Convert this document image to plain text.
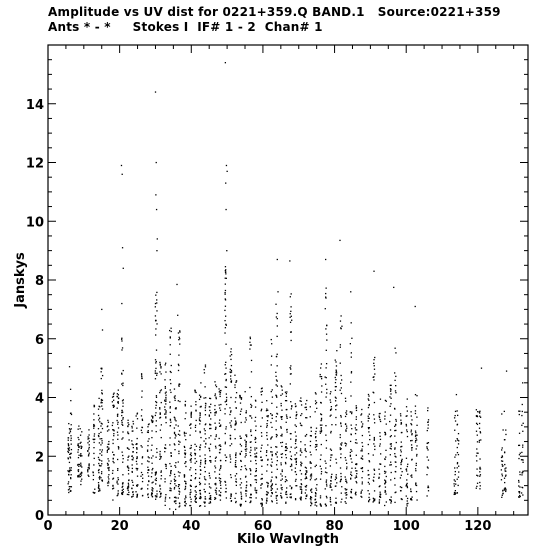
Amplitude vs UV dist for 0221+359.Q BAND.1   Source:0221+359
Ants * - *     Stokes I  IF# 1 - 2  Chan# 1
0	20	40	60	80	100	120
0
2
4
6
8
10
12
14
Kilo Wavlngth
Janskys
